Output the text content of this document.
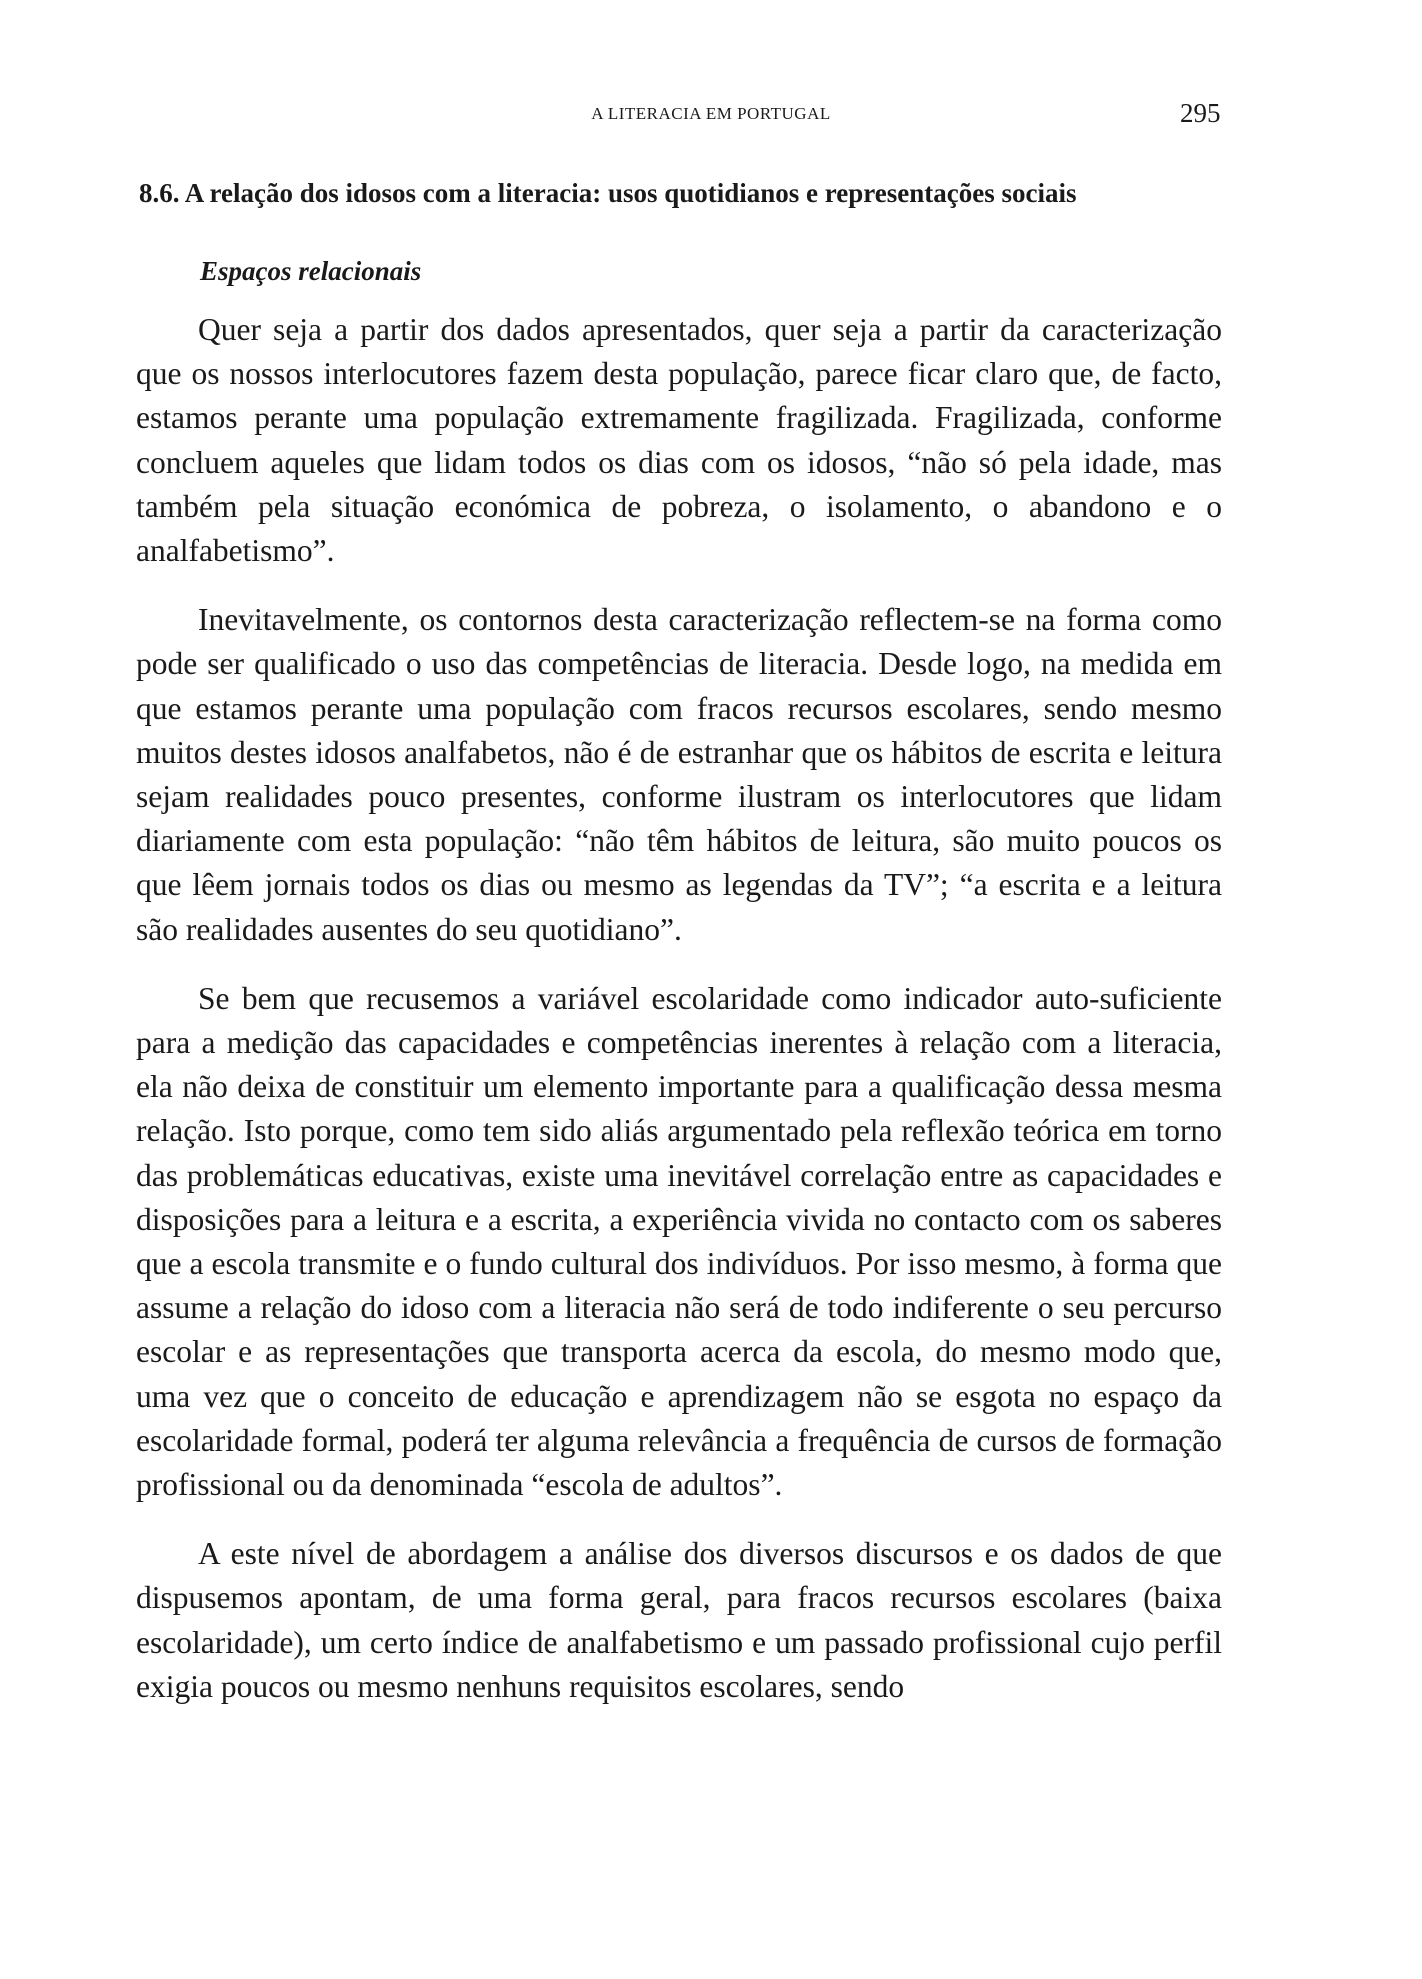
A LITERACIA EM PORTUGAL	295
8.6. A relação dos idosos com a literacia: usos quotidianos e representações sociais
Espaços relacionais

Quer seja a partir dos dados apresentados, quer seja a partir da caracterização que os nossos interlocutores fazem desta população, parece ficar claro que, de facto, estamos perante uma população extremamente fragilizada. Fragilizada, conforme concluem aqueles que lidam todos os dias com os idosos, “não só pela idade, mas também pela situação económica de pobreza, o isolamento, o abandono e o analfabetismo”.

Inevitavelmente, os contornos desta caracterização reflectem-se na forma como pode ser qualificado o uso das competências de literacia. Desde logo, na medida em que estamos perante uma população com fracos recursos escolares, sendo mesmo muitos destes idosos analfabetos, não é de estranhar que os hábitos de escrita e leitura sejam realidades pouco presentes, conforme ilustram os interlocutores que lidam diariamente com esta população: “não têm hábitos de leitura, são muito poucos os que lêem jornais todos os dias ou mesmo as legendas da TV”; “a escrita e a leitura são realidades ausentes do seu quotidiano”.

Se bem que recusemos a variável escolaridade como indicador auto-suficiente para a medição das capacidades e competências inerentes à relação com a literacia, ela não deixa de constituir um elemento importante para a qualificação dessa mesma relação. Isto porque, como tem sido aliás argumentado pela reflexão teórica em torno das problemáticas educativas, existe uma inevitável correlação entre as capacidades e disposições para a leitura e a escrita, a experiência vivida no contacto com os saberes que a escola transmite e o fundo cultural dos indivíduos. Por isso mesmo, à forma que assume a relação do idoso com a literacia não será de todo indiferente o seu percurso escolar e as representações que transporta acerca da escola, do mesmo modo que, uma vez que o conceito de educação e aprendizagem não se esgota no espaço da escolaridade formal, poderá ter alguma relevância a frequência de cursos de formação profissional ou da denominada “escola de adultos”.

A este nível de abordagem a análise dos diversos discursos e os dados de que dispusemos apontam, de uma forma geral, para fracos recursos escolares (baixa escolaridade), um certo índice de analfabetismo e um passado profissional cujo perfil exigia poucos ou mesmo nenhuns requisitos escolares, sendo
